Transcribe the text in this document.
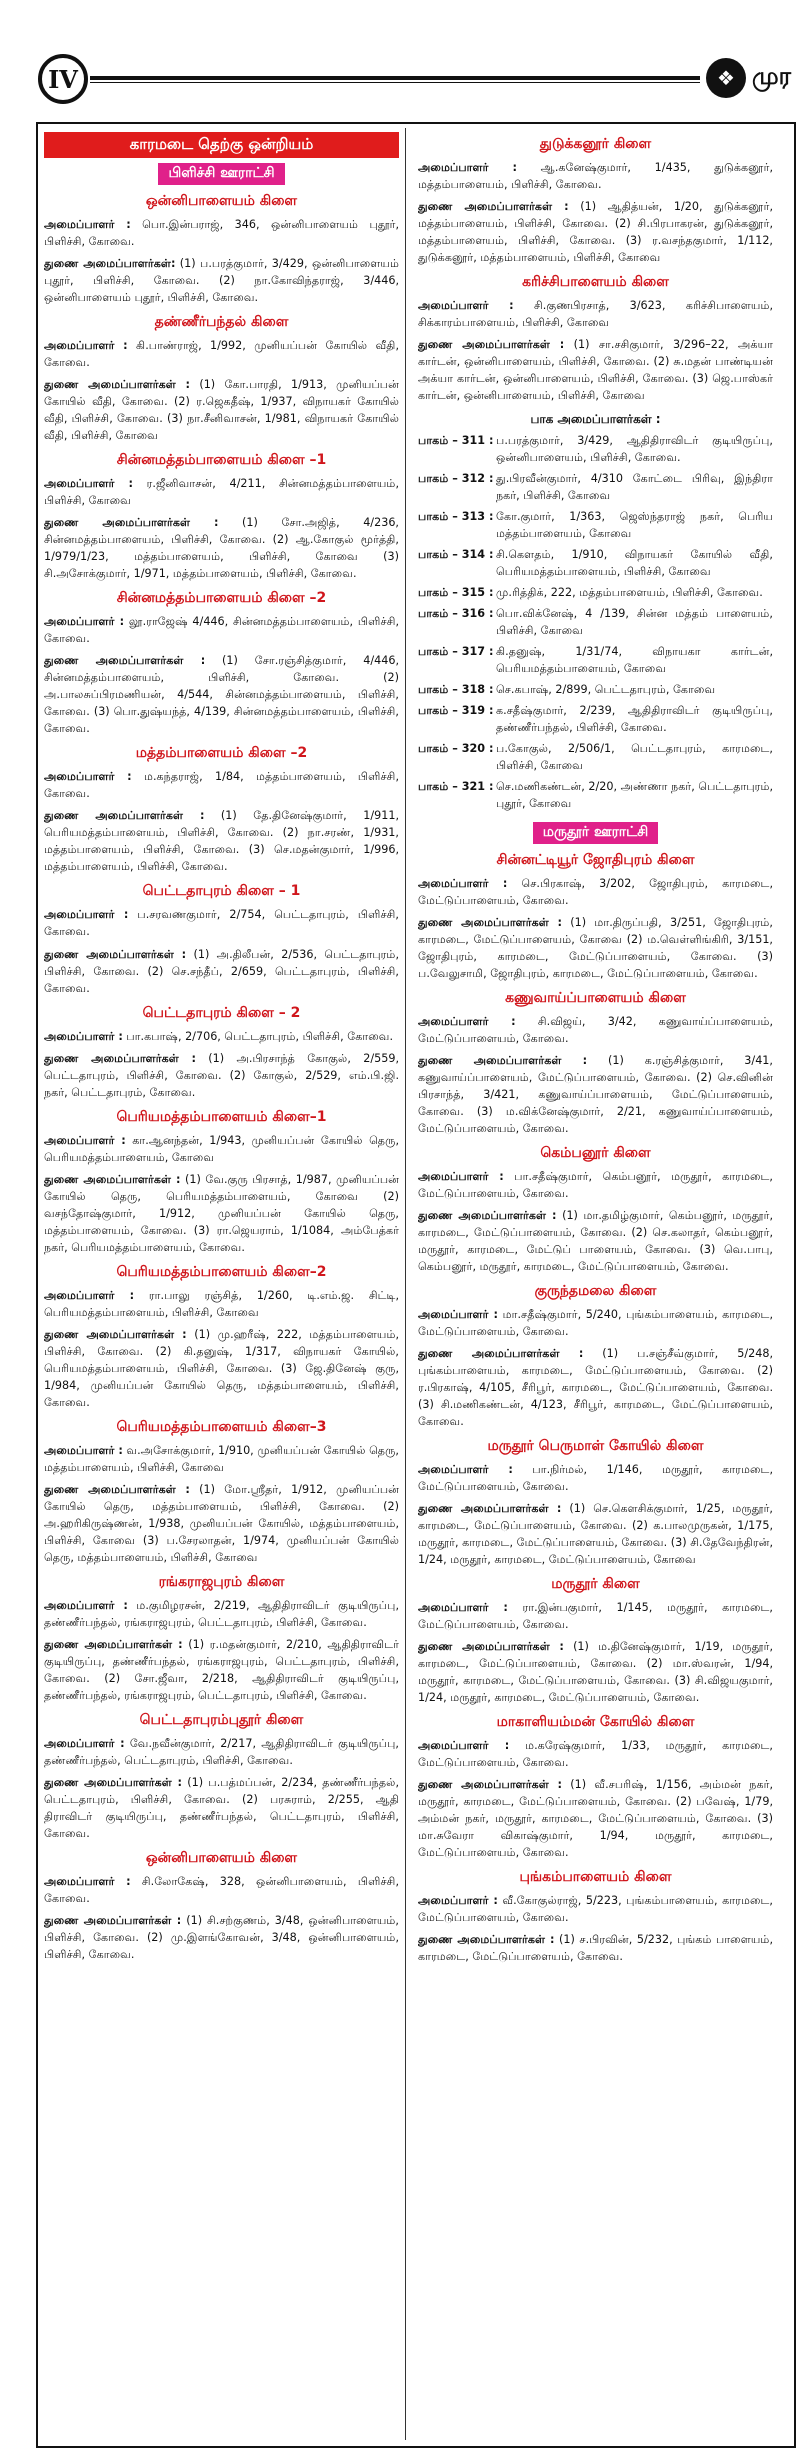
IV	❖ முர
காரமடை தெற்கு ஒன்றியம்
பிளிச்சி ஊராட்சி
ஒன்னிபாளையம் கிளை

அமைப்பாளர் : பொ.இன்பராஜ், 346, ஒன்னிபாளையம் புதூர், பிளிச்சி, கோவை.

துணை அமைப்பாளர்கள்: (1) ப.பரத்குமார், 3/429, ஒன்னிபாளையம் புதூர், பிளிச்சி, கோவை. (2) நா.கோவிந்தராஜ், 3/446, ஒன்னிபாளையம் புதூர், பிளிச்சி, கோவை.

தண்ணீர்பந்தல் கிளை

அமைப்பாளர் : கி.பாண்ராஜ், 1/992, முனியப்பன் கோயில் வீதி, கோவை.

துணை அமைப்பாளர்கள் : (1) கோ.பாரதி, 1/913, முனியப்பன் கோயில் வீதி, கோவை. (2) ர.ஜெகதீஷ், 1/937, விநாயகர் கோயில் வீதி, பிளிச்சி, கோவை. (3) நா.சீனிவாசன், 1/981, விநாயகர் கோயில் வீதி, பிளிச்சி, கோவை

சின்னமத்தம்பாளையம் கிளை –1

அமைப்பாளர் : ர.ஜீனிவாசன், 4/211, சின்னமத்தம்பாளையம், பிளிச்சி, கோவை

துணை அமைப்பாளர்கள் : (1) சோ.அஜித், 4/236, சின்னமத்தம்பாளையம், பிளிச்சி, கோவை. (2) ஆ.கோகுல் மூர்த்தி, 1/979/1/23, மத்தம்பாளையம், பிளிச்சி, கோவை (3) சி.அசோக்குமார், 1/971, மத்தம்பாளையம், பிளிச்சி, கோவை.

சின்னமத்தம்பாளையம் கிளை –2

அமைப்பாளர் : லூ.ராஜேஷ் 4/446, சின்னமத்தம்பாளையம், பிளிச்சி, கோவை.

துணை அமைப்பாளர்கள் : (1) சோ.ரஞ்சித்குமார், 4/446, சின்னமத்தம்பாளையம், பிளிச்சி, கோவை. (2) அ.பாலசுப்பிரமணியன், 4/544, சின்னமத்தம்பாளையம், பிளிச்சி, கோவை. (3) பொ.துஷ்யந்த், 4/139, சின்னமத்தம்பாளையம், பிளிச்சி, கோவை.

மத்தம்பாளையம் கிளை –2

அமைப்பாளர் : ம.கந்தராஜ், 1/84, மத்தம்பாளையம், பிளிச்சி, கோவை.

துணை அமைப்பாளர்கள் : (1) தே.தினேஷ்குமார், 1/911, பெரியமத்தம்பாளையம், பிளிச்சி, கோவை. (2) நா.சரண், 1/931, மத்தம்பாளையம், பிளிச்சி, கோவை. (3) செ.மதன்குமார், 1/996, மத்தம்பாளையம், பிளிச்சி, கோவை.

பெட்டதாபுரம் கிளை – 1

அமைப்பாளர் : ப.சரவணகுமார், 2/754, பெட்டதாபுரம், பிளிச்சி, கோவை.

துணை அமைப்பாளர்கள் : (1) அ.திலீபன், 2/536, பெட்டதாபுரம், பிளிச்சி, கோவை. (2) செ.சந்தீப், 2/659, பெட்டதாபுரம், பிளிச்சி, கோவை.

பெட்டதாபுரம் கிளை – 2

அமைப்பாளர் : பா.கபாஷ், 2/706, பெட்டதாபுரம், பிளிச்சி, கோவை.

துணை அமைப்பாளர்கள் : (1) அ.பிரசாந்த் கோகுல், 2/559, பெட்டதாபுரம், பிளிச்சி, கோவை. (2) கோகுல், 2/529, எம்.பி.ஜி. நகர், பெட்டதாபுரம், கோவை.

பெரியமத்தம்பாளையம் கிளை–1

அமைப்பாளர் : கா.ஆனந்தன், 1/943, முனியப்பன் கோயில் தெரு, பெரியமத்தம்பாளையம், கோவை

துணை அமைப்பாளர்கள் : (1) வே.குரு பிரசாத், 1/987, முனியப்பன் கோயில் தெரு, பெரியமத்தம்பாளையம், கோவை (2) வசந்தோஷ்குமார், 1/912, முனியப்பன் கோயில் தெரு, மத்தம்பாளையம், கோவை. (3) ரா.ஜெயராம், 1/1084, அம்பேத்கர் நகர், பெரியமத்தம்பாளையம், கோவை.

பெரியமத்தம்பாளையம் கிளை–2

அமைப்பாளர் : ரா.பாலு ரஞ்சித், 1/260, டி.எம்.ஜ. சிட்டி, பெரியமத்தம்பாளையம், பிளிச்சி, கோவை

துணை அமைப்பாளர்கள் : (1) மு.ஹரீஷ், 222, மத்தம்பாளையம், பிளிச்சி, கோவை. (2) கி.தனுஷ், 1/317, விநாயகர் கோயில், பெரியமத்தம்பாளையம், பிளிச்சி, கோவை. (3) ஜே.தினேஷ் குரு, 1/984, முனியப்பன் கோயில் தெரு, மத்தம்பாளையம், பிளிச்சி, கோவை.

பெரியமத்தம்பாளையம் கிளை–3

அமைப்பாளர் : வ.அசோக்குமார், 1/910, முனியப்பன் கோயில் தெரு, மத்தம்பாளையம், பிளிச்சி, கோவை

துணை அமைப்பாளர்கள் : (1) மோ.ஸ்ரீதர், 1/912, முனியப்பன் கோயில் தெரு, மத்தம்பாளையம், பிளிச்சி, கோவை. (2) அ.ஹரிகிருஷ்ணன், 1/938, முனியப்பன் கோயில், மத்தம்பாளையம், பிளிச்சி, கோவை (3) ப.சேரலாதன், 1/974, முனியப்பன் கோயில் தெரு, மத்தம்பாளையம், பிளிச்சி, கோவை

ரங்கராஜபுரம் கிளை

அமைப்பாளர் : ம.குமிழரசன், 2/219, ஆதிதிராவிடர் குடியிருப்பு, தண்ணீர்பந்தல், ரங்கராஜபுரம், பெட்டதாபுரம், பிளிச்சி, கோவை.

துணை அமைப்பாளர்கள் : (1) ர.மதன்குமார், 2/210, ஆதிதிராவிடர் குடியிருப்பு, தண்ணீர்பந்தல், ரங்கராஜபுரம், பெட்டதாபுரம், பிளிச்சி, கோவை. (2) சோ.ஜீவா, 2/218, ஆதிதிராவிடர் குடியிருப்பு, தண்ணீர்பந்தல், ரங்கராஜபுரம், பெட்டதாபுரம், பிளிச்சி, கோவை.

பெட்டதாபுரம்புதூர் கிளை

அமைப்பாளர் : வே.நவீன்குமார், 2/217, ஆதிதிராவிடர் குடியிருப்பு, தண்ணீர்பந்தல், பெட்டதாபுரம், பிளிச்சி, கோவை.

துணை அமைப்பாளர்கள் : (1) ப.பத்மப்பன், 2/234, தண்ணீர்பந்தல், பெட்டதாபுரம், பிளிச்சி, கோவை. (2) பரசுராம், 2/255, ஆதி திராவிடர் குடியிருப்பு, தண்ணீர்பந்தல், பெட்டதாபுரம், பிளிச்சி, கோவை.

ஒன்னிபாளையம் கிளை

அமைப்பாளர் : சி.லோகேஷ், 328, ஒன்னிபாளையம், பிளிச்சி, கோவை.

துணை அமைப்பாளர்கள் : (1) சி.சற்குணம், 3/48, ஒன்னிபாளையம், பிளிச்சி, கோவை. (2) மு.இளங்கோவன், 3/48, ஒன்னிபாளையம், பிளிச்சி, கோவை.

துடுக்கனூர் கிளை

அமைப்பாளர் : ஆ.கனேஷ்குமார், 1/435, துடுக்கனூர், மத்தம்பாளையம், பிளிச்சி, கோவை.

துணை அமைப்பாளர்கள் : (1) ஆதித்யன், 1/20, துடுக்கனூர், மத்தம்பாளையம், பிளிச்சி, கோவை. (2) சி.பிரபாகரன், துடுக்கனூர், மத்தம்பாளையம், பிளிச்சி, கோவை. (3) ர.வசந்தகுமார், 1/112, துடுக்கனூர், மத்தம்பாளையம், பிளிச்சி, கோவை

கரிச்சிபாளையம் கிளை

அமைப்பாளர் : சி.குணபிரசாத், 3/623, கரிச்சிபாளையம், சிக்காரம்பாளையம், பிளிச்சி, கோவை

துணை அமைப்பாளர்கள் : (1) சா.சசிகுமார், 3/296–22, அக்யா கார்டன், ஒன்னிபாளையம், பிளிச்சி, கோவை. (2) சு.மதன் பாண்டியன் அக்யா கார்டன், ஒன்னிபாளையம், பிளிச்சி, கோவை. (3) ஜெ.பாஸ்கர் கார்டன், ஒன்னிபாளையம், பிளிச்சி, கோவை

பாக அமைப்பாளர்கள் :
பாகம் – 311 : ப.பரத்குமார், 3/429, ஆதிதிராவிடர் குடியிருப்பு, ஒன்னிபாளையம், பிளிச்சி, கோவை.
பாகம் – 312 : து.பிரவீன்குமார், 4/310 கோட்டை பிரிவு, இந்திரா நகர், பிளிச்சி, கோவை
பாகம் – 313 : கோ.குமார், 1/363, ஜெஸ்ந்தராஜ் நகர், பெரிய மத்தம்பாளையம், கோவை
பாகம் – 314 : சி.கௌதம், 1/910, விநாயகர் கோயில் வீதி, பெரியமத்தம்பாளையம், பிளிச்சி, கோவை
பாகம் – 315 : மு.ரித்திக், 222, மத்தம்பாளையம், பிளிச்சி, கோவை.
பாகம் – 316 : பொ.விக்னேஷ், 4 /139, சின்ன மத்தம் பாளையம், பிளிச்சி, கோவை
பாகம் – 317 : கி.தனுஷ், 1/31/74, விநாயகா கார்டன், பெரியமத்தம்பாளையம், கோவை
பாகம் – 318 : செ.கபாஷ், 2/899, பெட்டதாபுரம், கோவை
பாகம் – 319 : க.சதீஷ்குமார், 2/239, ஆதிதிராவிடர் குடியிருப்பு, தண்ணீர்பந்தல், பிளிச்சி, கோவை.
பாகம் – 320 : ப.கோகுல், 2/506/1, பெட்டதாபுரம், காரமடை, பிளிச்சி, கோவை
பாகம் – 321 : செ.மணிகண்டன், 2/20, அண்ணா நகர், பெட்டதாபுரம், புதூர், கோவை
மருதூர் ஊராட்சி
சின்னட்டியூர் ஜோதிபுரம் கிளை

அமைப்பாளர் : செ.பிரகாஷ், 3/202, ஜோதிபுரம், காரமடை, மேட்டுப்பாளையம், கோவை.

துணை அமைப்பாளர்கள் : (1) மா.திருப்பதி, 3/251, ஜோதிபுரம், காரமடை, மேட்டுப்பாளையம், கோவை (2) ம.வெள்ளிங்கிரி, 3/151, ஜோதிபுரம், காரமடை, மேட்டுப்பாளையம், கோவை. (3) ப.வேலுசாமி, ஜோதிபுரம், காரமடை, மேட்டுப்பாளையம், கோவை.

கணுவாய்ப்பாளையம் கிளை

அமைப்பாளர் : சி.விஜய், 3/42, கணுவாய்ப்பாளையம், மேட்டுப்பாளையம், கோவை.

துணை அமைப்பாளர்கள் : (1) க.ரஞ்சித்குமார், 3/41, கணுவாய்ப்பாளையம், மேட்டுப்பாளையம், கோவை. (2) செ.வினின் பிரசாந்த், 3/421, கணுவாய்ப்பாளையம், மேட்டுப்பாளையம், கோவை. (3) ம.விக்னேஷ்குமார், 2/21, கணுவாய்ப்பாளையம், மேட்டுப்பாளையம், கோவை.

கெம்பனூர் கிளை

அமைப்பாளர் : பா.சதீஷ்குமார், கெம்பனூர், மருதூர், காரமடை, மேட்டுப்பாளையம், கோவை.

துணை அமைப்பாளர்கள் : (1) மா.தமிழ்குமார், கெம்பனூர், மருதூர், காரமடை, மேட்டுப்பாளையம், கோவை. (2) செ.கலாதர், கெம்பனூர், மருதூர், காரமடை, மேட்டுப் பாளையம், கோவை. (3) வெ.பாபு, கெம்பனூர், மருதூர், காரமடை, மேட்டுப்பாளையம், கோவை.

குருந்தமலை கிளை

அமைப்பாளர் : மா.சதீஷ்குமார், 5/240, புங்கம்பாளையம், காரமடை, மேட்டுப்பாளையம், கோவை.

துணை அமைப்பாளர்கள் : (1) ப.சஞ்சீவ்குமார், 5/248, புங்கம்பாளையம், காரமடை, மேட்டுப்பாளையம், கோவை. (2) ர.பிரகாஷ், 4/105, சீரிபூர், காரமடை, மேட்டுப்பாளையம், கோவை. (3) சி.மணிகண்டன், 4/123, சீரிபூர், காரமடை, மேட்டுப்பாளையம், கோவை.

மருதூர் பெருமாள் கோயில் கிளை

அமைப்பாளர் : பா.நிர்மல், 1/146, மருதூர், காரமடை, மேட்டுப்பாளையம், கோவை.

துணை அமைப்பாளர்கள் : (1) செ.கௌசிக்குமார், 1/25, மருதூர், காரமடை, மேட்டுப்பாளையம், கோவை. (2) க.பாலமுருகன், 1/175, மருதூர், காரமடை, மேட்டுப்பாளையம், கோவை. (3) சி.தேவேந்திரன், 1/24, மருதூர், காரமடை, மேட்டுப்பாளையம், கோவை

மருதூர் கிளை

அமைப்பாளர் : ரா.இன்பகுமார், 1/145, மருதூர், காரமடை, மேட்டுப்பாளையம், கோவை.

துணை அமைப்பாளர்கள் : (1) ம.தினேஷ்குமார், 1/19, மருதூர், காரமடை, மேட்டுப்பாளையம், கோவை. (2) மா.ஸ்வரன், 1/94, மருதூர், காரமடை, மேட்டுப்பாளையம், கோவை. (3) சி.விஜயகுமார், 1/24, மருதூர், காரமடை, மேட்டுப்பாளையம், கோவை.

மாகாளியம்மன் கோயில் கிளை

அமைப்பாளர் : ம.கரேஷ்குமார், 1/33, மருதூர், காரமடை, மேட்டுப்பாளையம், கோவை.

துணை அமைப்பாளர்கள் : (1) வீ.சபரிஷ், 1/156, அம்மன் நகர், மருதூர், காரமடை, மேட்டுப்பாளையம், கோவை. (2) பவேஷ், 1/79, அம்மன் நகர், மருதூர், காரமடை, மேட்டுப்பாளையம், கோவை. (3) மா.சுவேரா விகாஷ்குமார், 1/94, மருதூர், காரமடை, மேட்டுப்பாளையம், கோவை.

புங்கம்பாளையம் கிளை

அமைப்பாளர் : வீ.கோகுல்ராஜ், 5/223, புங்கம்பாளையம், காரமடை, மேட்டுப்பாளையம், கோவை.

துணை அமைப்பாளர்கள் : (1) ச.பிரவின், 5/232, புங்கம் பாளையம், காரமடை, மேட்டுப்பாளையம், கோவை.
